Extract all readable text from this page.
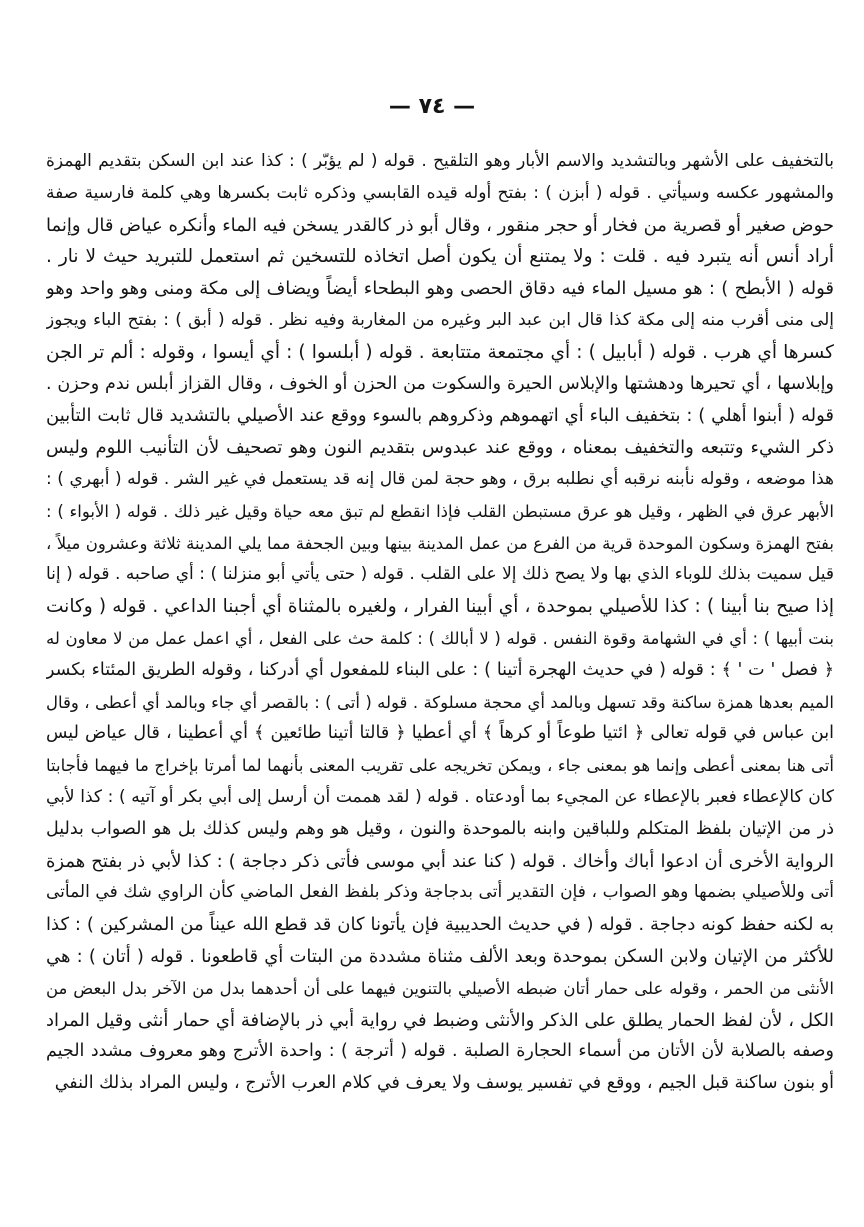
— ٧٤ —
بالتخفيف على الأشهر وبالتشديد والاسم الأبار وهو التلقيح . قوله ( لم يؤبّر ) : كذا عند ابن السكن بتقديم الهمزة
والمشهور عكسه وسيأتي . قوله ( أبزن ) : بفتح أوله قيده القابسي وذكره ثابت بكسرها وهي كلمة فارسية صفة
حوض صغير أو قصرية من فخار أو حجر منقور ، وقال أبو ذر كالقدر يسخن فيه الماء وأنكره عياض قال وإنما
أراد أنس أنه يتبرد فيه . قلت : ولا يمتنع أن يكون أصل اتخاذه للتسخين ثم استعمل للتبريد حيث لا نار .
قوله ( الأبطح ) : هو مسيل الماء فيه دقاق الحصى وهو البطحاء أيضاً ويضاف إلى مكة ومنى وهو واحد وهو
إلى منى أقرب منه إلى مكة كذا قال ابن عبد البر وغيره من المغاربة وفيه نظر . قوله ( أبق ) : بفتح الباء ويجوز
كسرها أي هرب . قوله ( أبابيل ) : أي مجتمعة متتابعة . قوله ( أبلسوا ) : أي أيسوا ، وقوله : ألم تر الجن
وإبلاسها ، أي تحيرها ودهشتها والإبلاس الحيرة والسكوت من الحزن أو الخوف ، وقال القزاز أبلس ندم وحزن .
قوله ( أبنوا أهلي ) : بتخفيف الباء أي اتهموهم وذكروهم بالسوء ووقع عند الأصيلي بالتشديد قال ثابت التأبين
ذكر الشيء وتتبعه والتخفيف بمعناه ، ووقع عند عبدوس بتقديم النون وهو تصحيف لأن التأنيب اللوم وليس
هذا موضعه ، وقوله نأبنه نرقبه أي نطلبه برق ، وهو حجة لمن قال إنه قد يستعمل في غير الشر . قوله ( أبهري ) :
الأبهر عرق في الظهر ، وقيل هو عرق مستبطن القلب فإذا انقطع لم تبق معه حياة وقيل غير ذلك . قوله ( الأبواء ) :
بفتح الهمزة وسكون الموحدة قرية من الفرع من عمل المدينة بينها وبين الجحفة مما يلي المدينة ثلاثة وعشرون ميلاً ،
قيل سميت بذلك للوباء الذي بها ولا يصح ذلك إلا على القلب . قوله ( حتى يأتي أبو منزلنا ) : أي صاحبه . قوله ( إنا
إذا صيح بنا أبينا ) : كذا للأصيلي بموحدة ، أي أبينا الفرار ، ولغيره بالمثناة أي أجبنا الداعي . قوله ( وكانت
بنت أبيها ) : أي في الشهامة وقوة النفس . قوله ( لا أبالك ) : كلمة حث على الفعل ، أي اعمل عمل من لا معاون له
﴿ فصل ' ت ' ﴾ : قوله ( في حديث الهجرة أتينا ) : على البناء للمفعول أي أدركنا ، وقوله الطريق المئتاء بكسر
الميم بعدها همزة ساكنة وقد تسهل وبالمد أي محجة مسلوكة . قوله ( أتى ) : بالقصر أي جاء وبالمد أي أعطى ، وقال
ابن عباس في قوله تعالى ﴿ ائتيا طوعاً أو كرهاً ﴾ أي أعطيا ﴿ قالتا أتينا طائعين ﴾ أي أعطينا ، قال عياض ليس
أتى هنا بمعنى أعطى وإنما هو بمعنى جاء ، ويمكن تخريجه على تقريب المعنى بأنهما لما أمرتا بإخراج ما فيهما فأجابتا
كان كالإعطاء فعبر بالإعطاء عن المجيء بما أودعتاه . قوله ( لقد هممت أن أرسل إلى أبي بكر أو آتيه ) : كذا لأبي
ذر من الإتيان بلفظ المتكلم وللباقين وابنه بالموحدة والنون ، وقيل هو وهم وليس كذلك بل هو الصواب بدليل
الرواية الأخرى أن ادعوا أباك وأخاك . قوله ( كنا عند أبي موسى فأتى ذكر دجاجة ) : كذا لأبي ذر بفتح همزة
أتى وللأصيلي بضمها وهو الصواب ، فإن التقدير أتى بدجاجة وذكر بلفظ الفعل الماضي كأن الراوي شك في المأتى
به لكنه حفظ كونه دجاجة . قوله ( في حديث الحديبية فإن يأتونا كان قد قطع الله عيناً من المشركين ) : كذا
للأكثر من الإتيان ولابن السكن بموحدة وبعد الألف مثناة مشددة من البتات أي قاطعونا . قوله ( أتان ) : هي
الأنثى من الحمر ، وقوله على حمار أتان ضبطه الأصيلي بالتنوين فيهما على أن أحدهما بدل من الآخر بدل البعض من
الكل ، لأن لفظ الحمار يطلق على الذكر والأنثى وضبط في رواية أبي ذر بالإضافة أي حمار أنثى وقيل المراد
وصفه بالصلابة لأن الأتان من أسماء الحجارة الصلبة . قوله ( أترجة ) : واحدة الأترج وهو معروف مشدد الجيم
أو بنون ساكنة قبل الجيم ، ووقع في تفسير يوسف ولا يعرف في كلام العرب الأترج ، وليس المراد بذلك النفي
